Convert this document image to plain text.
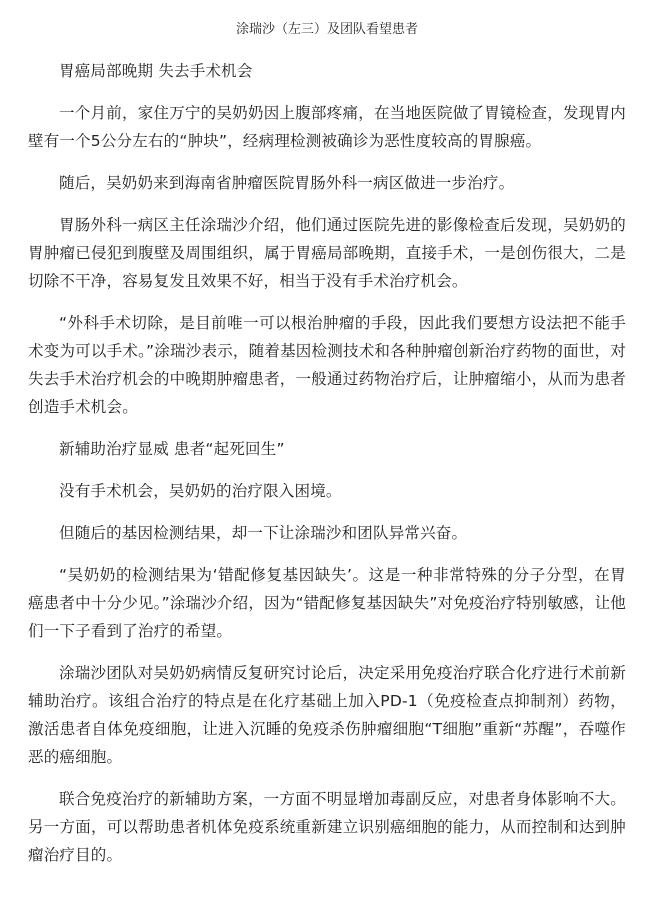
涂瑞沙（左三）及团队看望患者

胃癌局部晚期 失去手术机会

一个月前，家住万宁的吴奶奶因上腹部疼痛，在当地医院做了胃镜检查，发现胃内壁有一个5公分左右的“肿块”，经病理检测被确诊为恶性度较高的胃腺癌。

随后，吴奶奶来到海南省肿瘤医院胃肠外科一病区做进一步治疗。

胃肠外科一病区主任涂瑞沙介绍，他们通过医院先进的影像检查后发现，吴奶奶的胃肿瘤已侵犯到腹壁及周围组织，属于胃癌局部晚期，直接手术，一是创伤很大，二是切除不干净，容易复发且效果不好，相当于没有手术治疗机会。

“外科手术切除，是目前唯一可以根治肿瘤的手段，因此我们要想方设法把不能手术变为可以手术。”涂瑞沙表示，随着基因检测技术和各种肿瘤创新治疗药物的面世，对失去手术治疗机会的中晚期肿瘤患者，一般通过药物治疗后，让肿瘤缩小，从而为患者创造手术机会。

新辅助治疗显威 患者“起死回生”

没有手术机会，吴奶奶的治疗限入困境。

但随后的基因检测结果，却一下让涂瑞沙和团队异常兴奋。

“吴奶奶的检测结果为‘错配修复基因缺失’。这是一种非常特殊的分子分型，在胃癌患者中十分少见。”涂瑞沙介绍，因为“错配修复基因缺失”对免疫治疗特别敏感，让他们一下子看到了治疗的希望。

涂瑞沙团队对吴奶奶病情反复研究讨论后，决定采用免疫治疗联合化疗进行术前新辅助治疗。该组合治疗的特点是在化疗基础上加入PD-1（免疫检查点抑制剂）药物，激活患者自体免疫细胞，让进入沉睡的免疫杀伤肿瘤细胞“T细胞”重新“苏醒”，吞噬作恶的癌细胞。

联合免疫治疗的新辅助方案，一方面不明显增加毒副反应，对患者身体影响不大。另一方面，可以帮助患者机体免疫系统重新建立识别癌细胞的能力，从而控制和达到肿瘤治疗目的。
